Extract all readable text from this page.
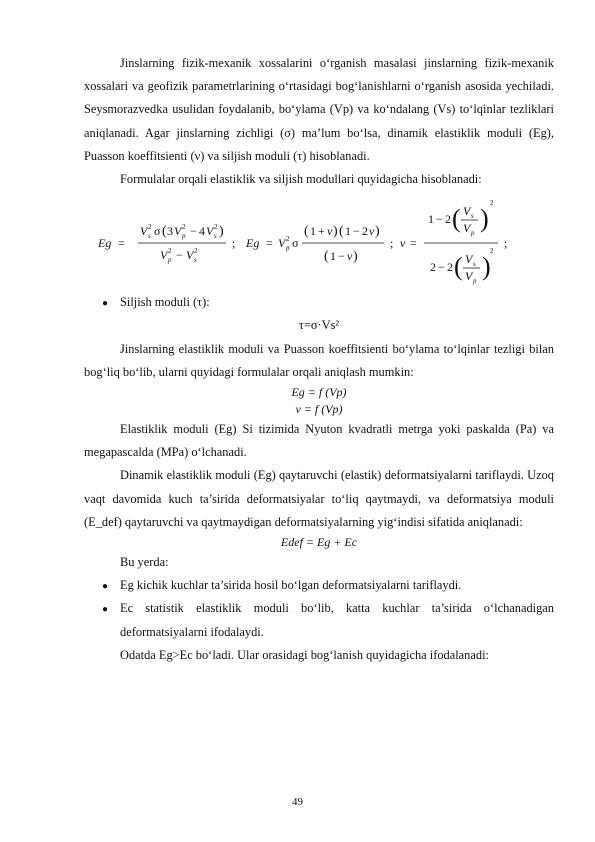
Jinslarning fizik-mexanik xossalarini o‘rganish masalasi jinslarning fizik-mexanik xossalari va geofizik parametrlarining o‘rtasidagi bog‘lanishlarni o‘rganish asosida yechiladi. Seysmorazvedka usulidan foydalanib, bo‘ylama (Vp) va ko‘ndalang (Vs) to‘lqinlar tezliklari aniqlanadi. Agar jinslarning zichligi (σ) ma’lum bo‘lsa, dinamik elastiklik moduli (Eg), Puasson koeffitsienti (ν) va siljish moduli (τ) hisoblanadi.

Formulalar orqali elastiklik va siljish modullari quyidagicha hisoblanadi:

Eg =
V s
2 σ ( 3 V p
2 − 4 V s
2 )
V p
2 − V s
2
; Eg = V p
2 σ
( 1 + ν ) ( 1 − 2 ν )
( 1 − ν )
; ν =
1 − 2 ( V s
V p )
2
2 − 2 ( V s
V p )
2
;
● Siljish moduli (τ):

τ=σ·Vs²

Jinslarning elastiklik moduli va Puasson koeffitsienti bo‘ylama to‘lqinlar tezligi bilan bog‘liq bo‘lib, ularni quyidagi formulalar orqali aniqlash mumkin:

Eg = f (Vp)
ν = f (Vp)

Elastiklik moduli (Eg) Si tizimida Nyuton kvadratli metrga yoki paskalda (Pa) va megapascalda (MPa) o‘lchanadi.

Dinamik elastiklik moduli (Eg) qaytaruvchi (elastik) deformatsiyalarni tariflaydi. Uzoq vaqt davomida kuch ta’sirida deformatsiyalar to‘liq qaytmaydi, va deformatsiya moduli (E_def) qaytaruvchi va qaytmaydigan deformatsiyalarning yig‘indisi sifatida aniqlanadi:

Edef = Eg + Ec

Bu yerda:

● Eg kichik kuchlar ta’sirida hosil bo‘lgan deformatsiyalarni tariflaydi.

● Ec statistik elastiklik moduli bo‘lib, katta kuchlar ta’sirida o‘lchanadigan deformatsiyalarni ifodalaydi.

Odatda Eg>Ec bo‘ladi. Ular orasidagi bog‘lanish quyidagicha ifodalanadi:

49
